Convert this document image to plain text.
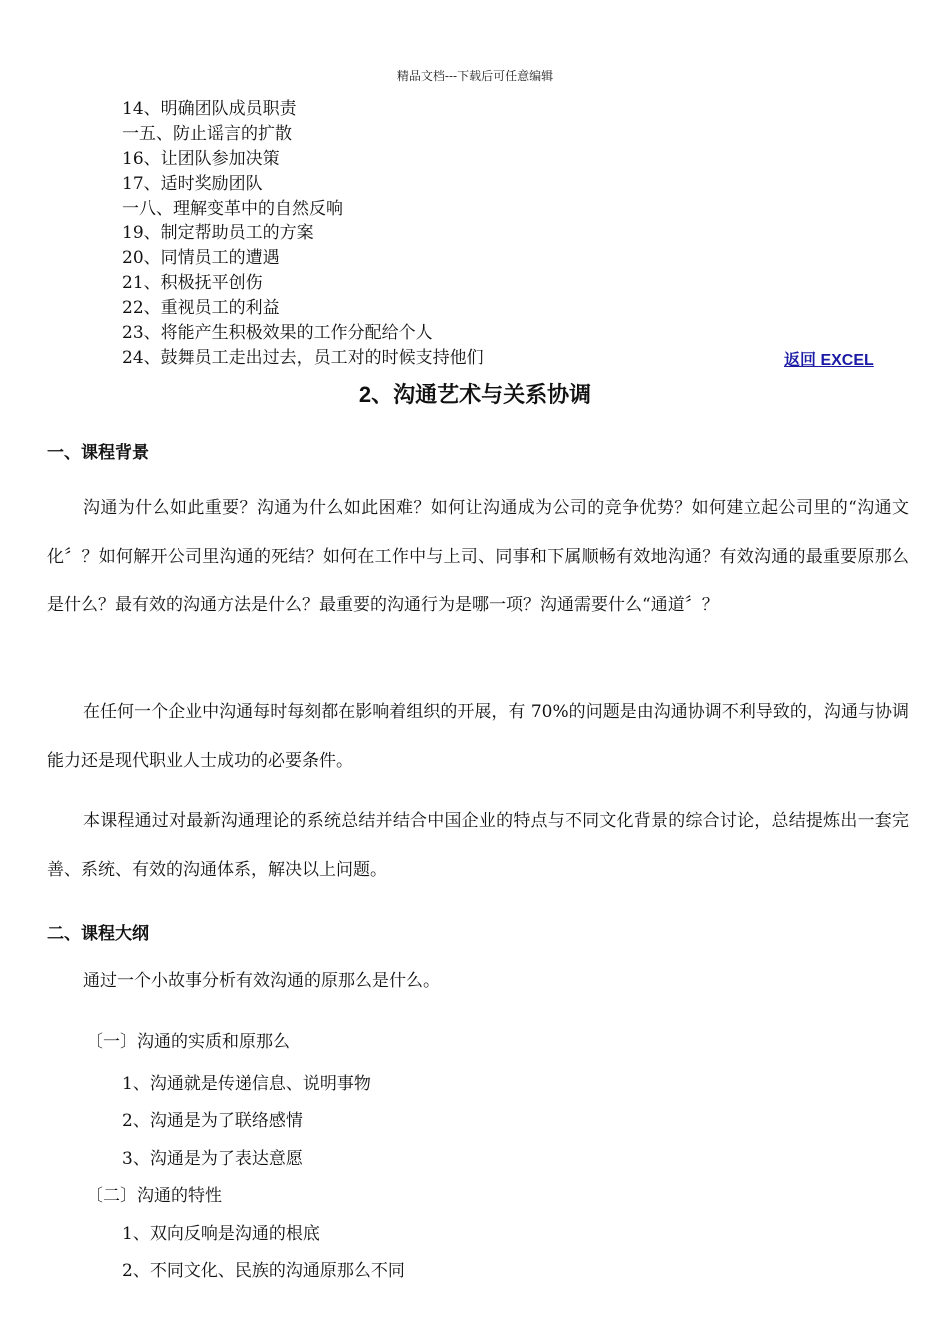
精品文档---下载后可任意编辑
14、明确团队成员职责
一五、防止谣言的扩散
16、让团队参加决策
17、适时奖励团队
一八、理解变革中的自然反响
19、制定帮助员工的方案
20、同情员工的遭遇
21、积极抚平创伤
22、重视员工的利益
23、将能产生积极效果的工作分配给个人
24、鼓舞员工走出过去，员工对的时候支持他们	返回 EXCEL
2、沟通艺术与关系协调
一、课程背景

沟通为什么如此重要？沟通为什么如此困难？如何让沟通成为公司的竞争优势？如何建立起公司里的“沟通文化〞？如何解开公司里沟通的死结？如何在工作中与上司、同事和下属顺畅有效地沟通？有效沟通的最重要原那么是什么？最有效的沟通方法是什么？最重要的沟通行为是哪一项？沟通需要什么“通道〞？

在任何一个企业中沟通每时每刻都在影响着组织的开展，有 70%的问题是由沟通协调不利导致的，沟通与协调能力还是现代职业人士成功的必要条件。

本课程通过对最新沟通理论的系统总结并结合中国企业的特点与不同文化背景的综合讨论，总结提炼出一套完善、系统、有效的沟通体系，解决以上问题。

二、课程大纲
通过一个小故事分析有效沟通的原那么是什么。
〔一〕沟通的实质和原那么
1、沟通就是传递信息、说明事物
2、沟通是为了联络感情
3、沟通是为了表达意愿
〔二〕沟通的特性
1、双向反响是沟通的根底
2、不同文化、民族的沟通原那么不同
